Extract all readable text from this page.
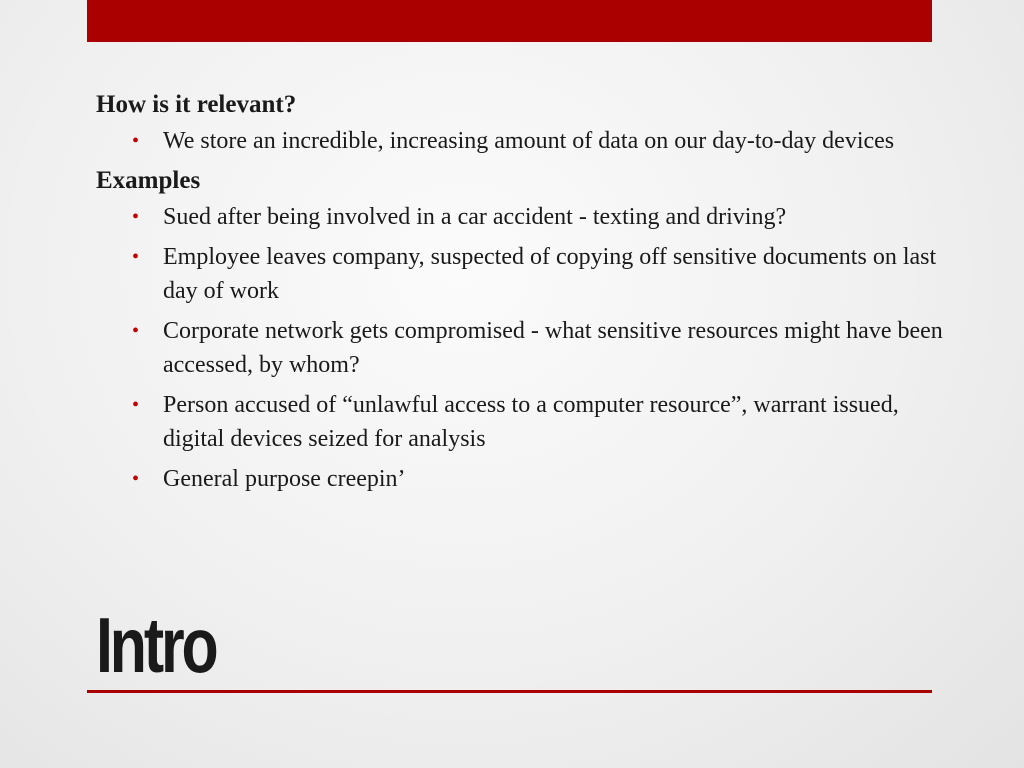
How is it relevant?

• We store an incredible, increasing amount of data on our day-to-day devices

Examples

• Sued after being involved in a car accident - texting and driving?
• Employee leaves company, suspected of copying off sensitive documents on last day of work
• Corporate network gets compromised - what sensitive resources might have been accessed, by whom?
• Person accused of “unlawful access to a computer resource”, warrant issued, digital devices seized for analysis
• General purpose creepin’
Intro
